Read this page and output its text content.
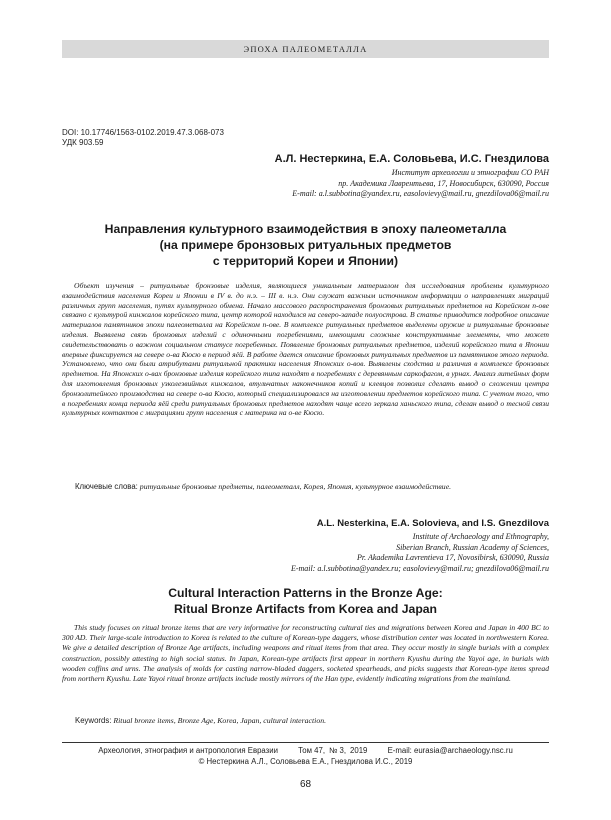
ЭПОХА ПАЛЕОМЕТАЛЛА
DOI: 10.17746/1563-0102.2019.47.3.068-073
УДК 903.59
А.Л. Нестеркина, Е.А. Соловьева, И.С. Гнездилова
Институт археологии и этнографии СО РАН
пр. Академика Лаврентьева, 17, Новосибирск, 630090, Россия
E-mail: a.l.subbotina@yandex.ru, easolovievy@mail.ru, gnezdilova06@mail.ru
Направления культурного взаимодействия в эпоху палеометалла
(на примере бронзовых ритуальных предметов
с территорий Кореи и Японии)
Объект изучения – ритуальные бронзовые изделия, являющиеся уникальным материалом для исследования проблемы культурного взаимодействия населения Кореи и Японии в IV в. до н.э. – III в. н.э. Они служат важным источником информации о направлениях миграций различных групп населения, путях культурного обмена. Начало массового распространения бронзовых ритуальных предметов на Корейском п-ове связано с культурой кинжалов корейского типа, центр которой находился на северо-западе полуострова. В статье приводится подробное описание материалов памятников эпохи палеометалла на Корейском п-ове. В комплексе ритуальных предметов выделены оружие и ритуальные бронзовые изделия. Выявлена связь бронзовых изделий с одиночными погребениями, имеющими сложные конструктивные элементы, что может свидетельствовать о важном социальном статусе погребенных. Появление бронзовых ритуальных предметов, изделий корейского типа в Японии впервые фиксируется на севере о-ва Кюсю в период яёй. В работе дается описание бронзовых ритуальных предметов из памятников этого периода. Установлено, что они были атрибутами ритуальной практики населения Японских о-вов. Выявлены сходства и различия в комплексе бронзовых предметов. На Японских о-вах бронзовые изделия корейского типа находят в погребениях с деревянным саркофагом, в урнах. Анализ литейных форм для изготовления бронзовых узколезвийных кинжалов, втульчатых наконечников копий и клевцов позволил сделать вывод о сложении центра бронзолитейного производства на севере о-ва Кюсю, который специализировался на изготовлении предметов корейского типа. С учетом того, что в погребениях конца периода яёй среди ритуальных бронзовых предметов находят чаще всего зеркала ханьского типа, сделан вывод о тесной связи культурных контактов с миграциями групп населения с материка на о-ве Кюсю.
Ключевые слова: ритуальные бронзовые предметы, палеометалл, Корея, Япония, культурное взаимодействие.
A.L. Nesterkina, E.A. Solovieva, and I.S. Gnezdilova
Institute of Archaeology and Ethnography,
Siberian Branch, Russian Academy of Sciences,
Pr. Akademika Lavrentieva 17, Novosibirsk, 630090, Russia
E-mail: a.l.subbotina@yandex.ru; easolovievy@mail.ru; gnezdilova06@mail.ru
Cultural Interaction Patterns in the Bronze Age:
Ritual Bronze Artifacts from Korea and Japan
This study focuses on ritual bronze items that are very informative for reconstructing cultural ties and migrations between Korea and Japan in 400 BC to 300 AD. Their large-scale introduction to Korea is related to the culture of Korean-type daggers, whose distribution center was located in northwestern Korea. We give a detailed description of Bronze Age artifacts, including weapons and ritual items from that area. They occur mostly in single burials with a complex construction, possibly attesting to high social status. In Japan, Korean-type artifacts first appear in northern Kyushu during the Yayoi age, in burials with wooden coffins and urns. The analysis of molds for casting narrow-bladed daggers, socketed spearheads, and picks suggests that Korean-type items spread from northern Kyushu. Late Yayoi ritual bronze artifacts include mostly mirrors of the Han type, evidently indicating migrations from the mainland.
Keywords: Ritual bronze items, Bronze Age, Korea, Japan, cultural interaction.
Археология, этнография и антропология Евразии	Том 47, № 3, 2019	E-mail: eurasia@archaeology.nsc.ru
© Нестеркина А.Л., Соловьева Е.А., Гнездилова И.С., 2019
68
